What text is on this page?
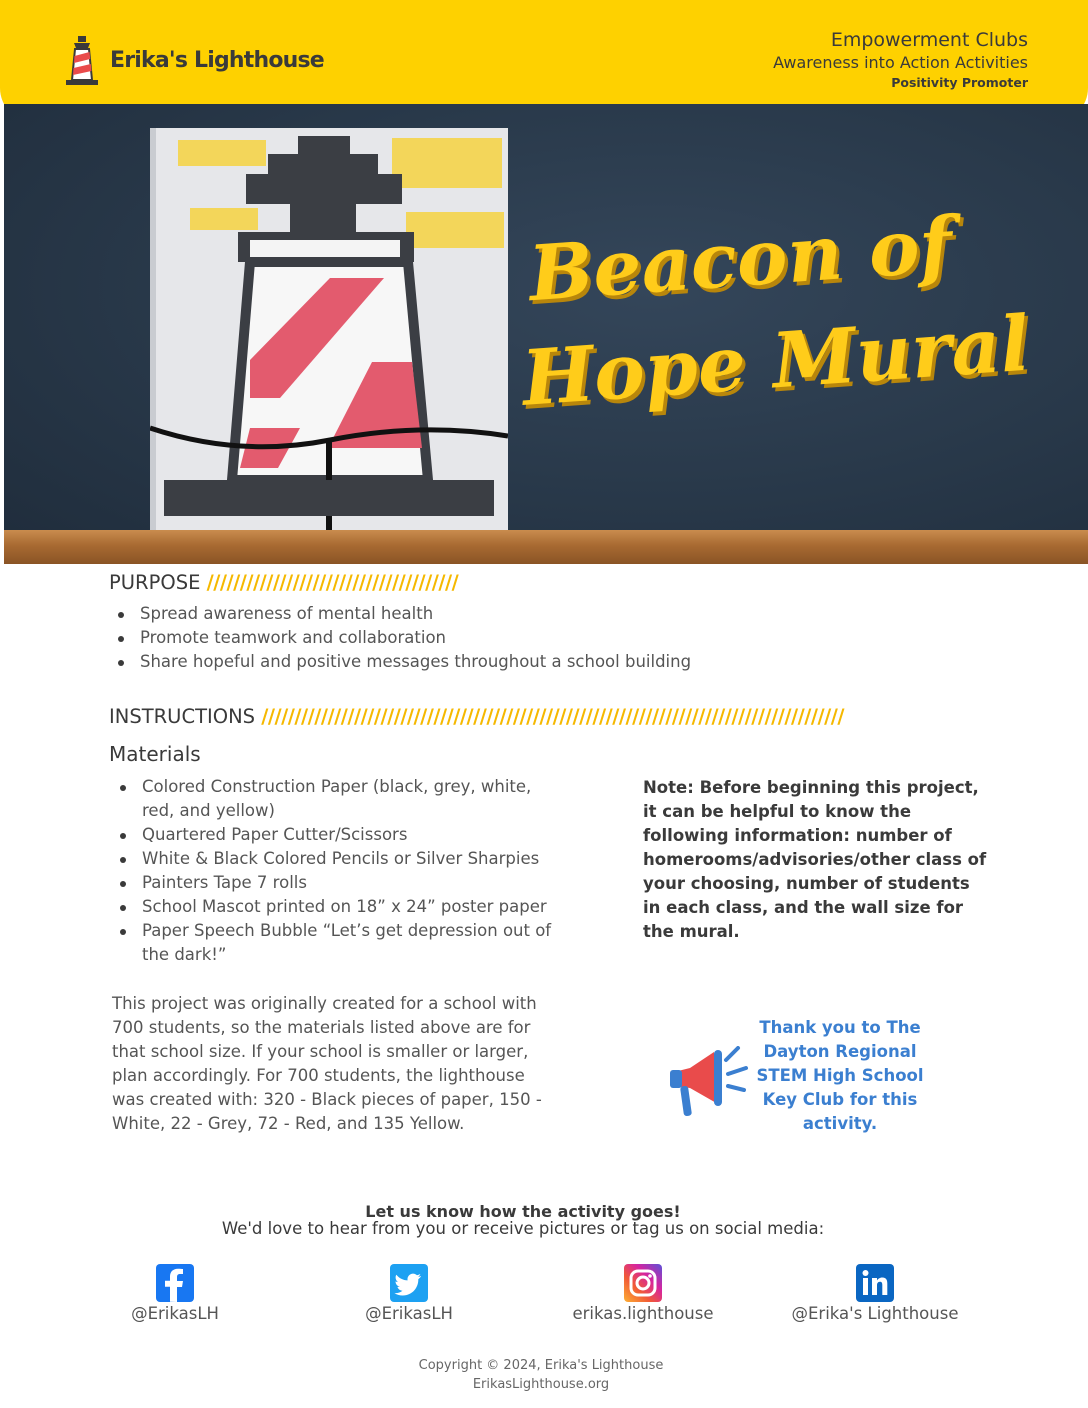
Erika's Lighthouse
Empowerment Clubs
Awareness into Action Activities
Positivity Promoter
Beacon of
Hope Mural
PURPOSE //////////////////////////////////////
Spread awareness of mental health
Promote teamwork and collaboration
Share hopeful and positive messages throughout a school building
INSTRUCTIONS ////////////////////////////////////////////////////////////////////////////////////////
Materials
Colored Construction Paper (black, grey, white, red, and yellow)
Quartered Paper Cutter/Scissors
White & Black Colored Pencils or Silver Sharpies
Painters Tape 7 rolls
School Mascot printed on 18” x 24” poster paper
Paper Speech Bubble “Let’s get depression out of the dark!”
Note: Before beginning this project, it can be helpful to know the following information: number of homerooms/advisories/other class of your choosing, number of students in each class, and the wall size for the mural.
This project was originally created for a school with 700 students, so the materials listed above are for that school size. If your school is smaller or larger, plan accordingly. For 700 students, the lighthouse was created with: 320 - Black pieces of paper, 150 - White, 22 - Grey, 72 - Red, and 135 Yellow.
Thank you to The Dayton Regional STEM High School Key Club for this activity.
Let us know how the activity goes!
We'd love to hear from you or receive pictures or tag us on social media:
@ErikasLH	@ErikasLH	erikas.lighthouse	@Erika's Lighthouse
Copyright © 2024, Erika's Lighthouse
ErikasLighthouse.org
